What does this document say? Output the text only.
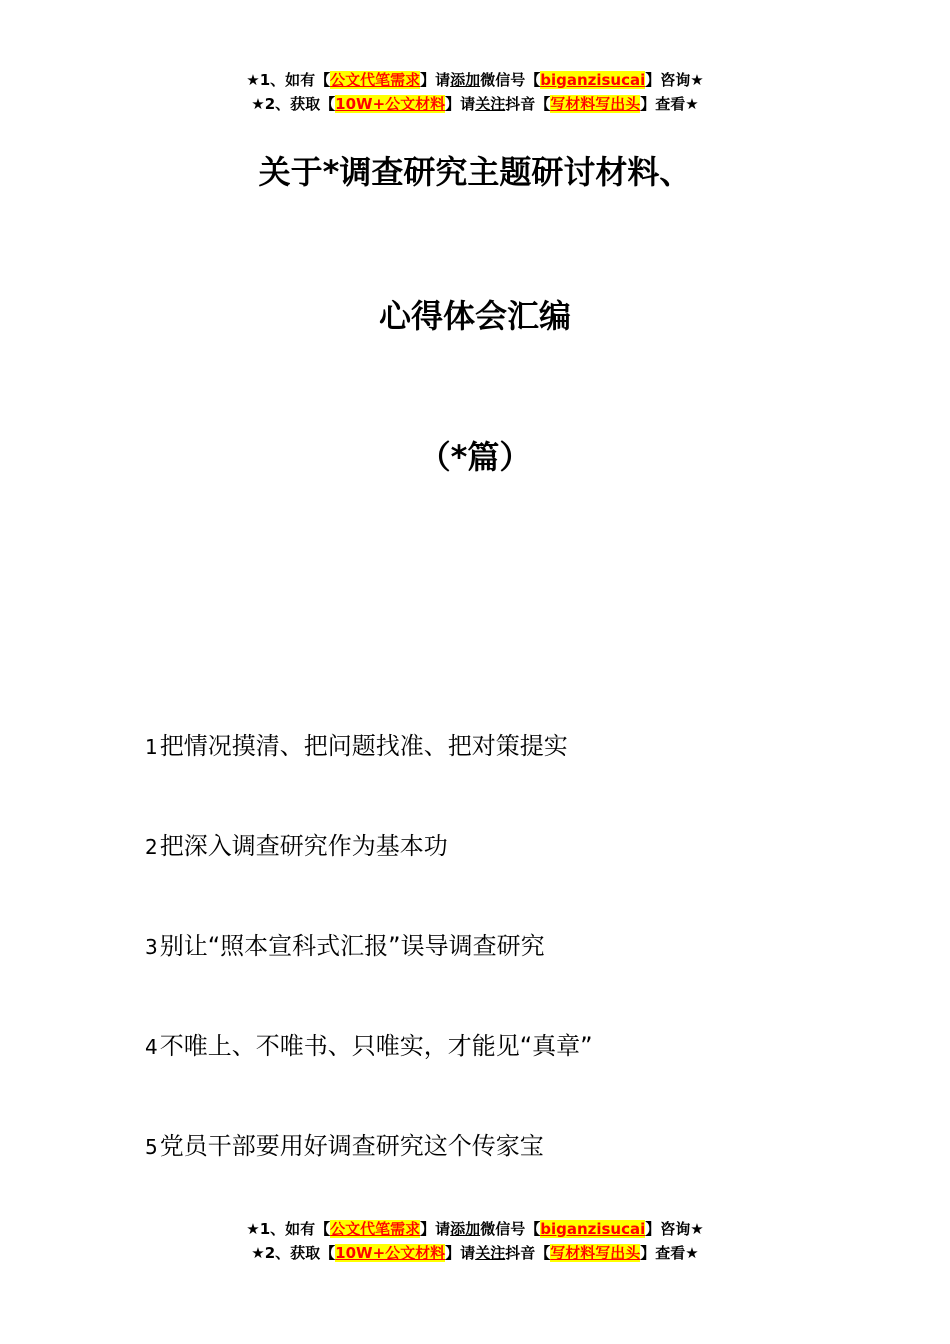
★1、如有【公文代笔需求】请添加微信号【biganzisucai】咨询★
★2、获取【10W+公文材料】请关注抖音【写材料写出头】查看★
关于*调查研究主题研讨材料、
心得体会汇编
（*篇）
1把情况摸清、把问题找准、把对策提实
2把深入调查研究作为基本功
3别让“照本宣科式汇报”误导调查研究
4不唯上、不唯书、只唯实，才能见“真章”
5党员干部要用好调查研究这个传家宝
★1、如有【公文代笔需求】请添加微信号【biganzisucai】咨询★
★2、获取【10W+公文材料】请关注抖音【写材料写出头】查看★
